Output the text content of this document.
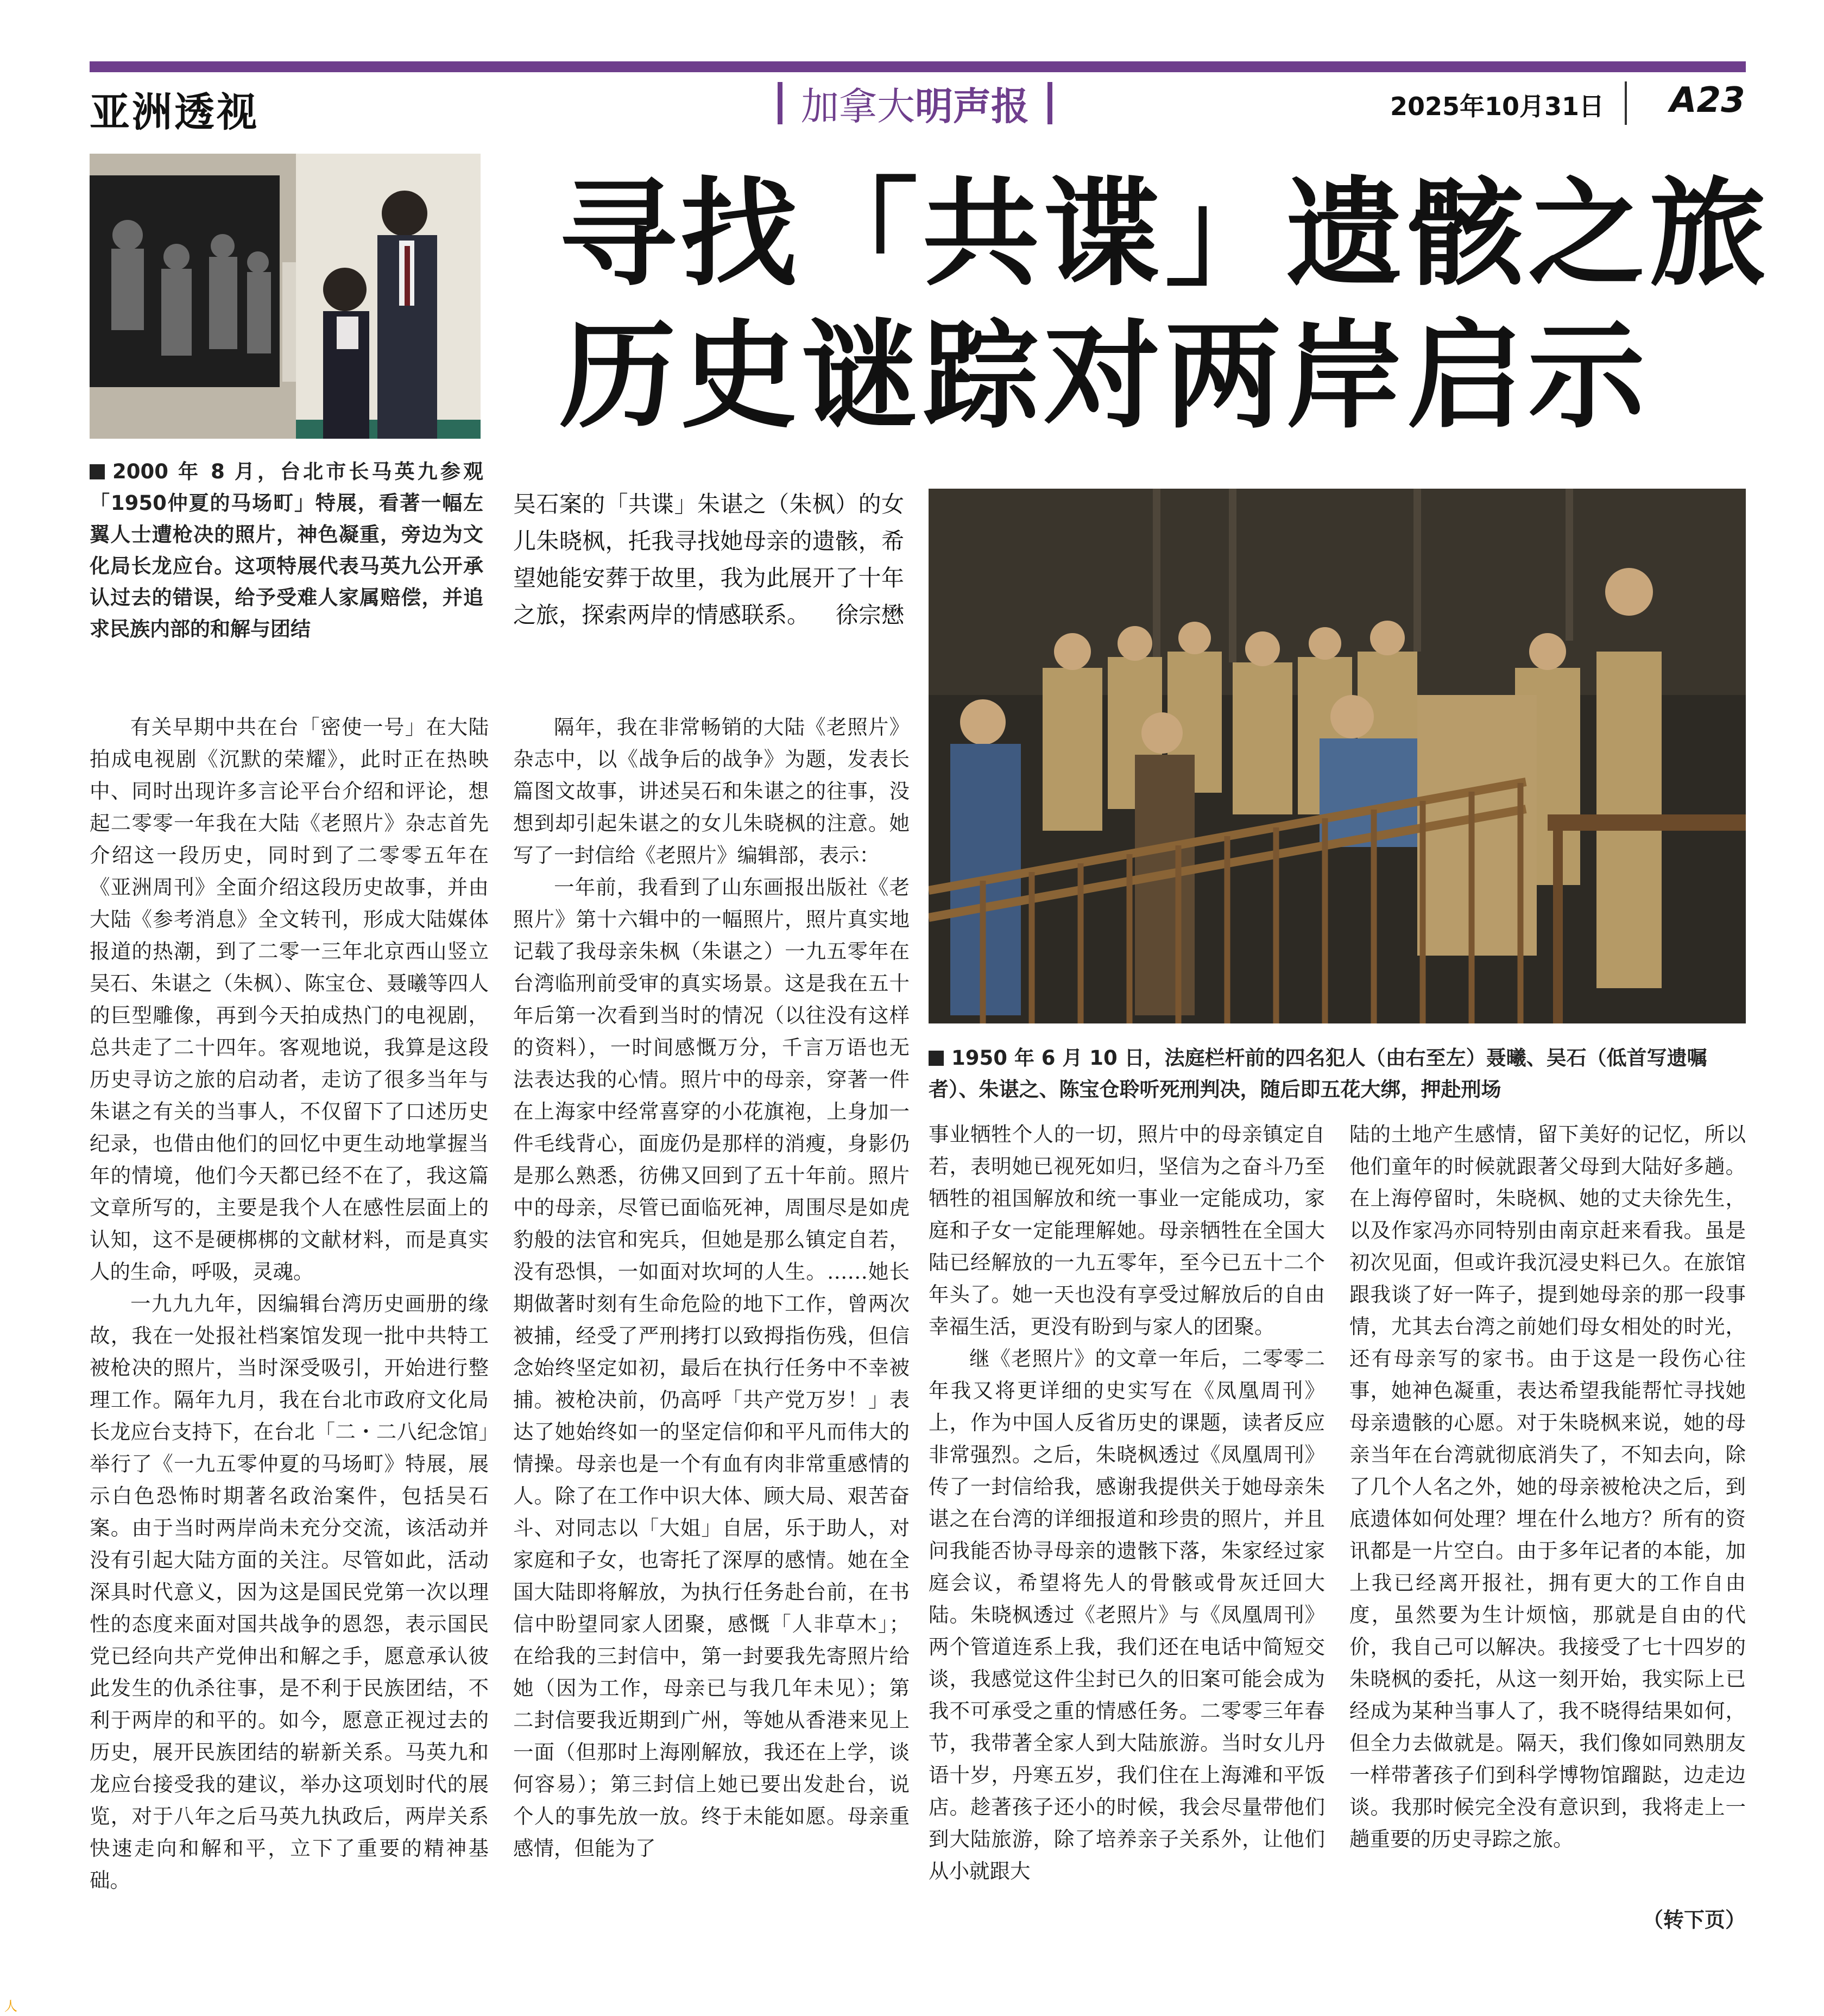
亚洲透视	加拿大 明声报	2025年10月31日 A23
寻找「共谍」遗骸之旅
历史谜踪对两岸启示
2000 年 8 月，台北市长马英九参观「1950仲夏的马场町」特展，看著一幅左翼人士遭枪决的照片，神色凝重，旁边为文化局长龙应台。这项特展代表马英九公开承认过去的错误，给予受难人家属赔偿，并追求民族内部的和解与团结
吴石案的「共谍」朱谌之（朱枫）的女儿朱晓枫，托我寻找她母亲的遗骸，希望她能安葬于故里，我为此展开了十年之旅，探索两岸的情感联系。 徐宗懋
1950 年 6 月 10 日，法庭栏杆前的四名犯人（由右至左）聂曦、吴石（低首写遗嘱者）、朱谌之、陈宝仓聆听死刑判决，随后即五花大绑，押赴刑场

有关早期中共在台「密使一号」在大陆拍成电视剧《沉默的荣耀》，此时正在热映中、同时出现许多言论平台介绍和评论，想起二零零一年我在大陆《老照片》杂志首先介绍这一段历史，同时到了二零零五年在《亚洲周刊》全面介绍这段历史故事，并由大陆《参考消息》全文转刊，形成大陆媒体报道的热潮，到了二零一三年北京西山竖立吴石、朱谌之（朱枫）、陈宝仓、聂曦等四人的巨型雕像，再到今天拍成热门的电视剧，总共走了二十四年。客观地说，我算是这段历史寻访之旅的启动者，走访了很多当年与朱谌之有关的当事人，不仅留下了口述历史纪录，也借由他们的回忆中更生动地掌握当年的情境，他们今天都已经不在了，我这篇文章所写的，主要是我个人在感性层面上的认知，这不是硬梆梆的文献材料，而是真实人的生命，呼吸，灵魂。

一九九九年，因编辑台湾历史画册的缘故，我在一处报社档案馆发现一批中共特工被枪决的照片，当时深受吸引，开始进行整理工作。隔年九月，我在台北市政府文化局长龙应台支持下，在台北「二・二八纪念馆」举行了《一九五零仲夏的马场町》特展，展示白色恐怖时期著名政治案件，包括吴石案。由于当时两岸尚未充分交流，该活动并没有引起大陆方面的关注。尽管如此，活动深具时代意义，因为这是国民党第一次以理性的态度来面对国共战争的恩怨，表示国民党已经向共产党伸出和解之手，愿意承认彼此发生的仇杀往事，是不利于民族团结，不利于两岸的和平的。如今，愿意正视过去的历史，展开民族团结的崭新关系。马英九和龙应台接受我的建议，举办这项划时代的展览，对于八年之后马英九执政后，两岸关系快速走向和解和平，立下了重要的精神基础。

隔年，我在非常畅销的大陆《老照片》杂志中，以《战争后的战争》为题，发表长篇图文故事，讲述吴石和朱谌之的往事，没想到却引起朱谌之的女儿朱晓枫的注意。她写了一封信给《老照片》编辑部，表示：

一年前，我看到了山东画报出版社《老照片》第十六辑中的一幅照片，照片真实地记载了我母亲朱枫（朱谌之）一九五零年在台湾临刑前受审的真实场景。这是我在五十年后第一次看到当时的情况（以往没有这样的资料），一时间感慨万分，千言万语也无法表达我的心情。照片中的母亲，穿著一件在上海家中经常喜穿的小花旗袍，上身加一件毛线背心，面庞仍是那样的消瘦，身影仍是那么熟悉，彷佛又回到了五十年前。照片中的母亲，尽管已面临死神，周围尽是如虎豹般的法官和宪兵，但她是那么镇定自若，没有恐惧，一如面对坎坷的人生。……她长期做著时刻有生命危险的地下工作，曾两次被捕，经受了严刑拷打以致拇指伤残，但信念始终坚定如初，最后在执行任务中不幸被捕。被枪决前，仍高呼「共产党万岁！」表达了她始终如一的坚定信仰和平凡而伟大的情操。母亲也是一个有血有肉非常重感情的人。除了在工作中识大体、顾大局、艰苦奋斗、对同志以「大姐」自居，乐于助人，对家庭和子女，也寄托了深厚的感情。她在全国大陆即将解放，为执行任务赴台前，在书信中盼望同家人团聚，感慨「人非草木」；在给我的三封信中，第一封要我先寄照片给她（因为工作，母亲已与我几年未见）；第二封信要我近期到广州，等她从香港来见上一面（但那时上海刚解放，我还在上学，谈何容易）；第三封信上她已要出发赴台，说个人的事先放一放。终于未能如愿。母亲重感情，但能为了

事业牺牲个人的一切，照片中的母亲镇定自若，表明她已视死如归，坚信为之奋斗乃至牺牲的祖国解放和统一事业一定能成功，家庭和子女一定能理解她。母亲牺牲在全国大陆已经解放的一九五零年，至今已五十二个年头了。她一天也没有享受过解放后的自由幸福生活，更没有盼到与家人的团聚。

继《老照片》的文章一年后，二零零二年我又将更详细的史实写在《凤凰周刊》上，作为中国人反省历史的课题，读者反应非常强烈。之后，朱晓枫透过《凤凰周刊》传了一封信给我，感谢我提供关于她母亲朱谌之在台湾的详细报道和珍贵的照片，并且问我能否协寻母亲的遗骸下落，朱家经过家庭会议，希望将先人的骨骸或骨灰迁回大陆。朱晓枫透过《老照片》与《凤凰周刊》两个管道连系上我，我们还在电话中简短交谈，我感觉这件尘封已久的旧案可能会成为我不可承受之重的情感任务。二零零三年春节，我带著全家人到大陆旅游。当时女儿丹语十岁，丹寒五岁，我们住在上海滩和平饭店。趁著孩子还小的时候，我会尽量带他们到大陆旅游，除了培养亲子关系外，让他们从小就跟大

陆的土地产生感情，留下美好的记忆，所以他们童年的时候就跟著父母到大陆好多趟。在上海停留时，朱晓枫、她的丈夫徐先生，以及作家冯亦同特别由南京赶来看我。虽是初次见面，但或许我沉浸史料已久。在旅馆跟我谈了好一阵子，提到她母亲的那一段事情，尤其去台湾之前她们母女相处的时光，还有母亲写的家书。由于这是一段伤心往事，她神色凝重，表达希望我能帮忙寻找她母亲遗骸的心愿。对于朱晓枫来说，她的母亲当年在台湾就彻底消失了，不知去向，除了几个人名之外，她的母亲被枪决之后，到底遗体如何处理？埋在什么地方？所有的资讯都是一片空白。由于多年记者的本能，加上我已经离开报社，拥有更大的工作自由度，虽然要为生计烦恼，那就是自由的代价，我自己可以解决。我接受了七十四岁的朱晓枫的委托，从这一刻开始，我实际上已经成为某种当事人了，我不晓得结果如何，但全力去做就是。隔天，我们像如同熟朋友一样带著孩子们到科学博物馆蹓跶，边走边谈。我那时候完全没有意识到，我将走上一趟重要的历史寻踪之旅。

（转下页）
人
